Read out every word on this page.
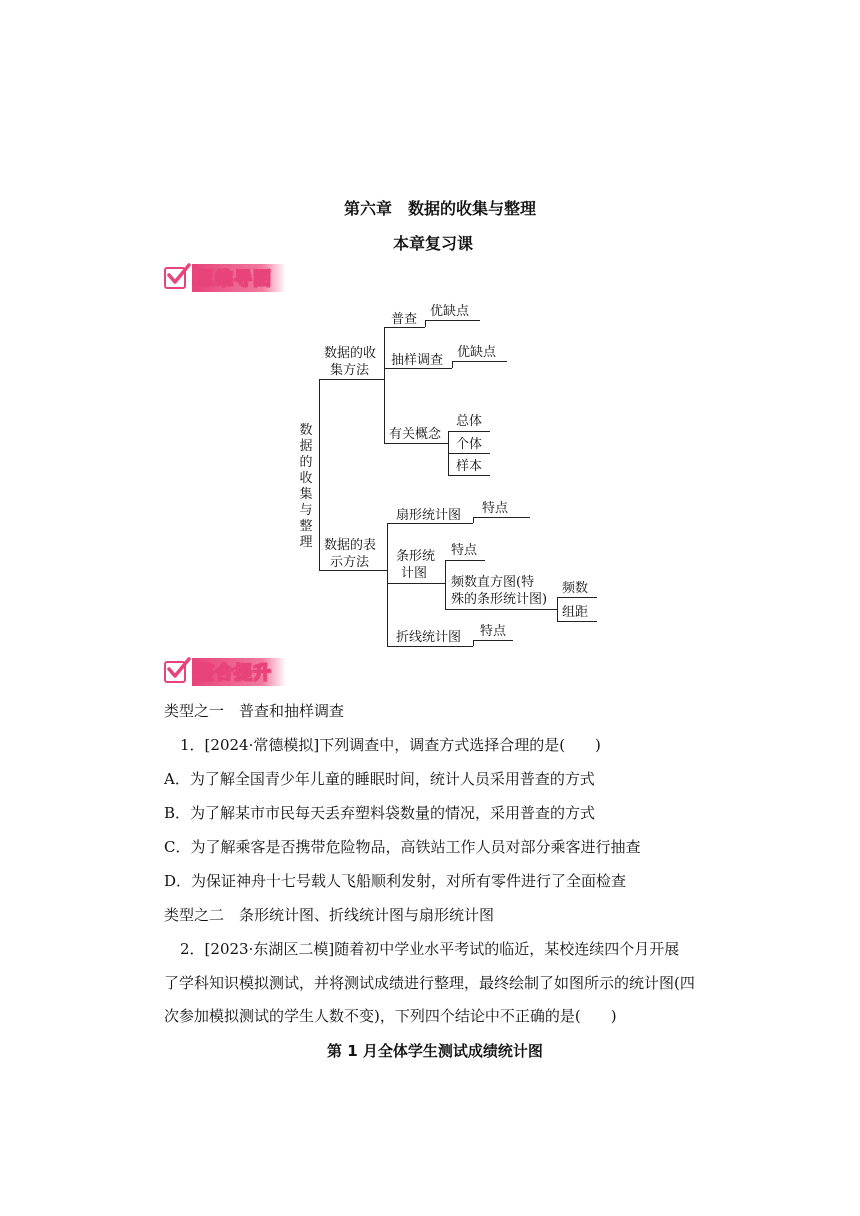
第六章　数据的收集与整理
本章复习课
思维导图
数
据
的
收
集
与
整
理
数据的收
集方法
普查
优缺点
抽样调查
优缺点
有关概念
总体
个体
样本
数据的表
示方法
扇形统计图 特点
条形统
计图
特点
频数直方图(特
殊的条形统计图)
频数
组距
折线统计图 特点
整合提升
类型之一　 普查和抽样调查
1．[2024·常德模拟]下列调查中，调查方式选择合理的是(　　)
A．为了解全国青少年儿童的睡眠时间，统计人员采用普查的方式
B．为了解某市市民每天丢弃塑料袋数量的情况，采用普查的方式
C．为了解乘客是否携带危险物品，高铁站工作人员对部分乘客进行抽查
D．为保证神舟十七号载人飞船顺利发射，对所有零件进行了全面检查
类型之二　 条形统计图、折线统计图与扇形统计图
2．[2023·东湖区二模]随着初中学业水平考试的临近，某校连续四个月开展
了学科知识模拟测试，并将测试成绩进行整理，最终绘制了如图所示的统计图(四
次参加模拟测试的学生人数不变)，下列四个结论中不正确的是(　　)
第 1 月全体学生测试成绩统计图
